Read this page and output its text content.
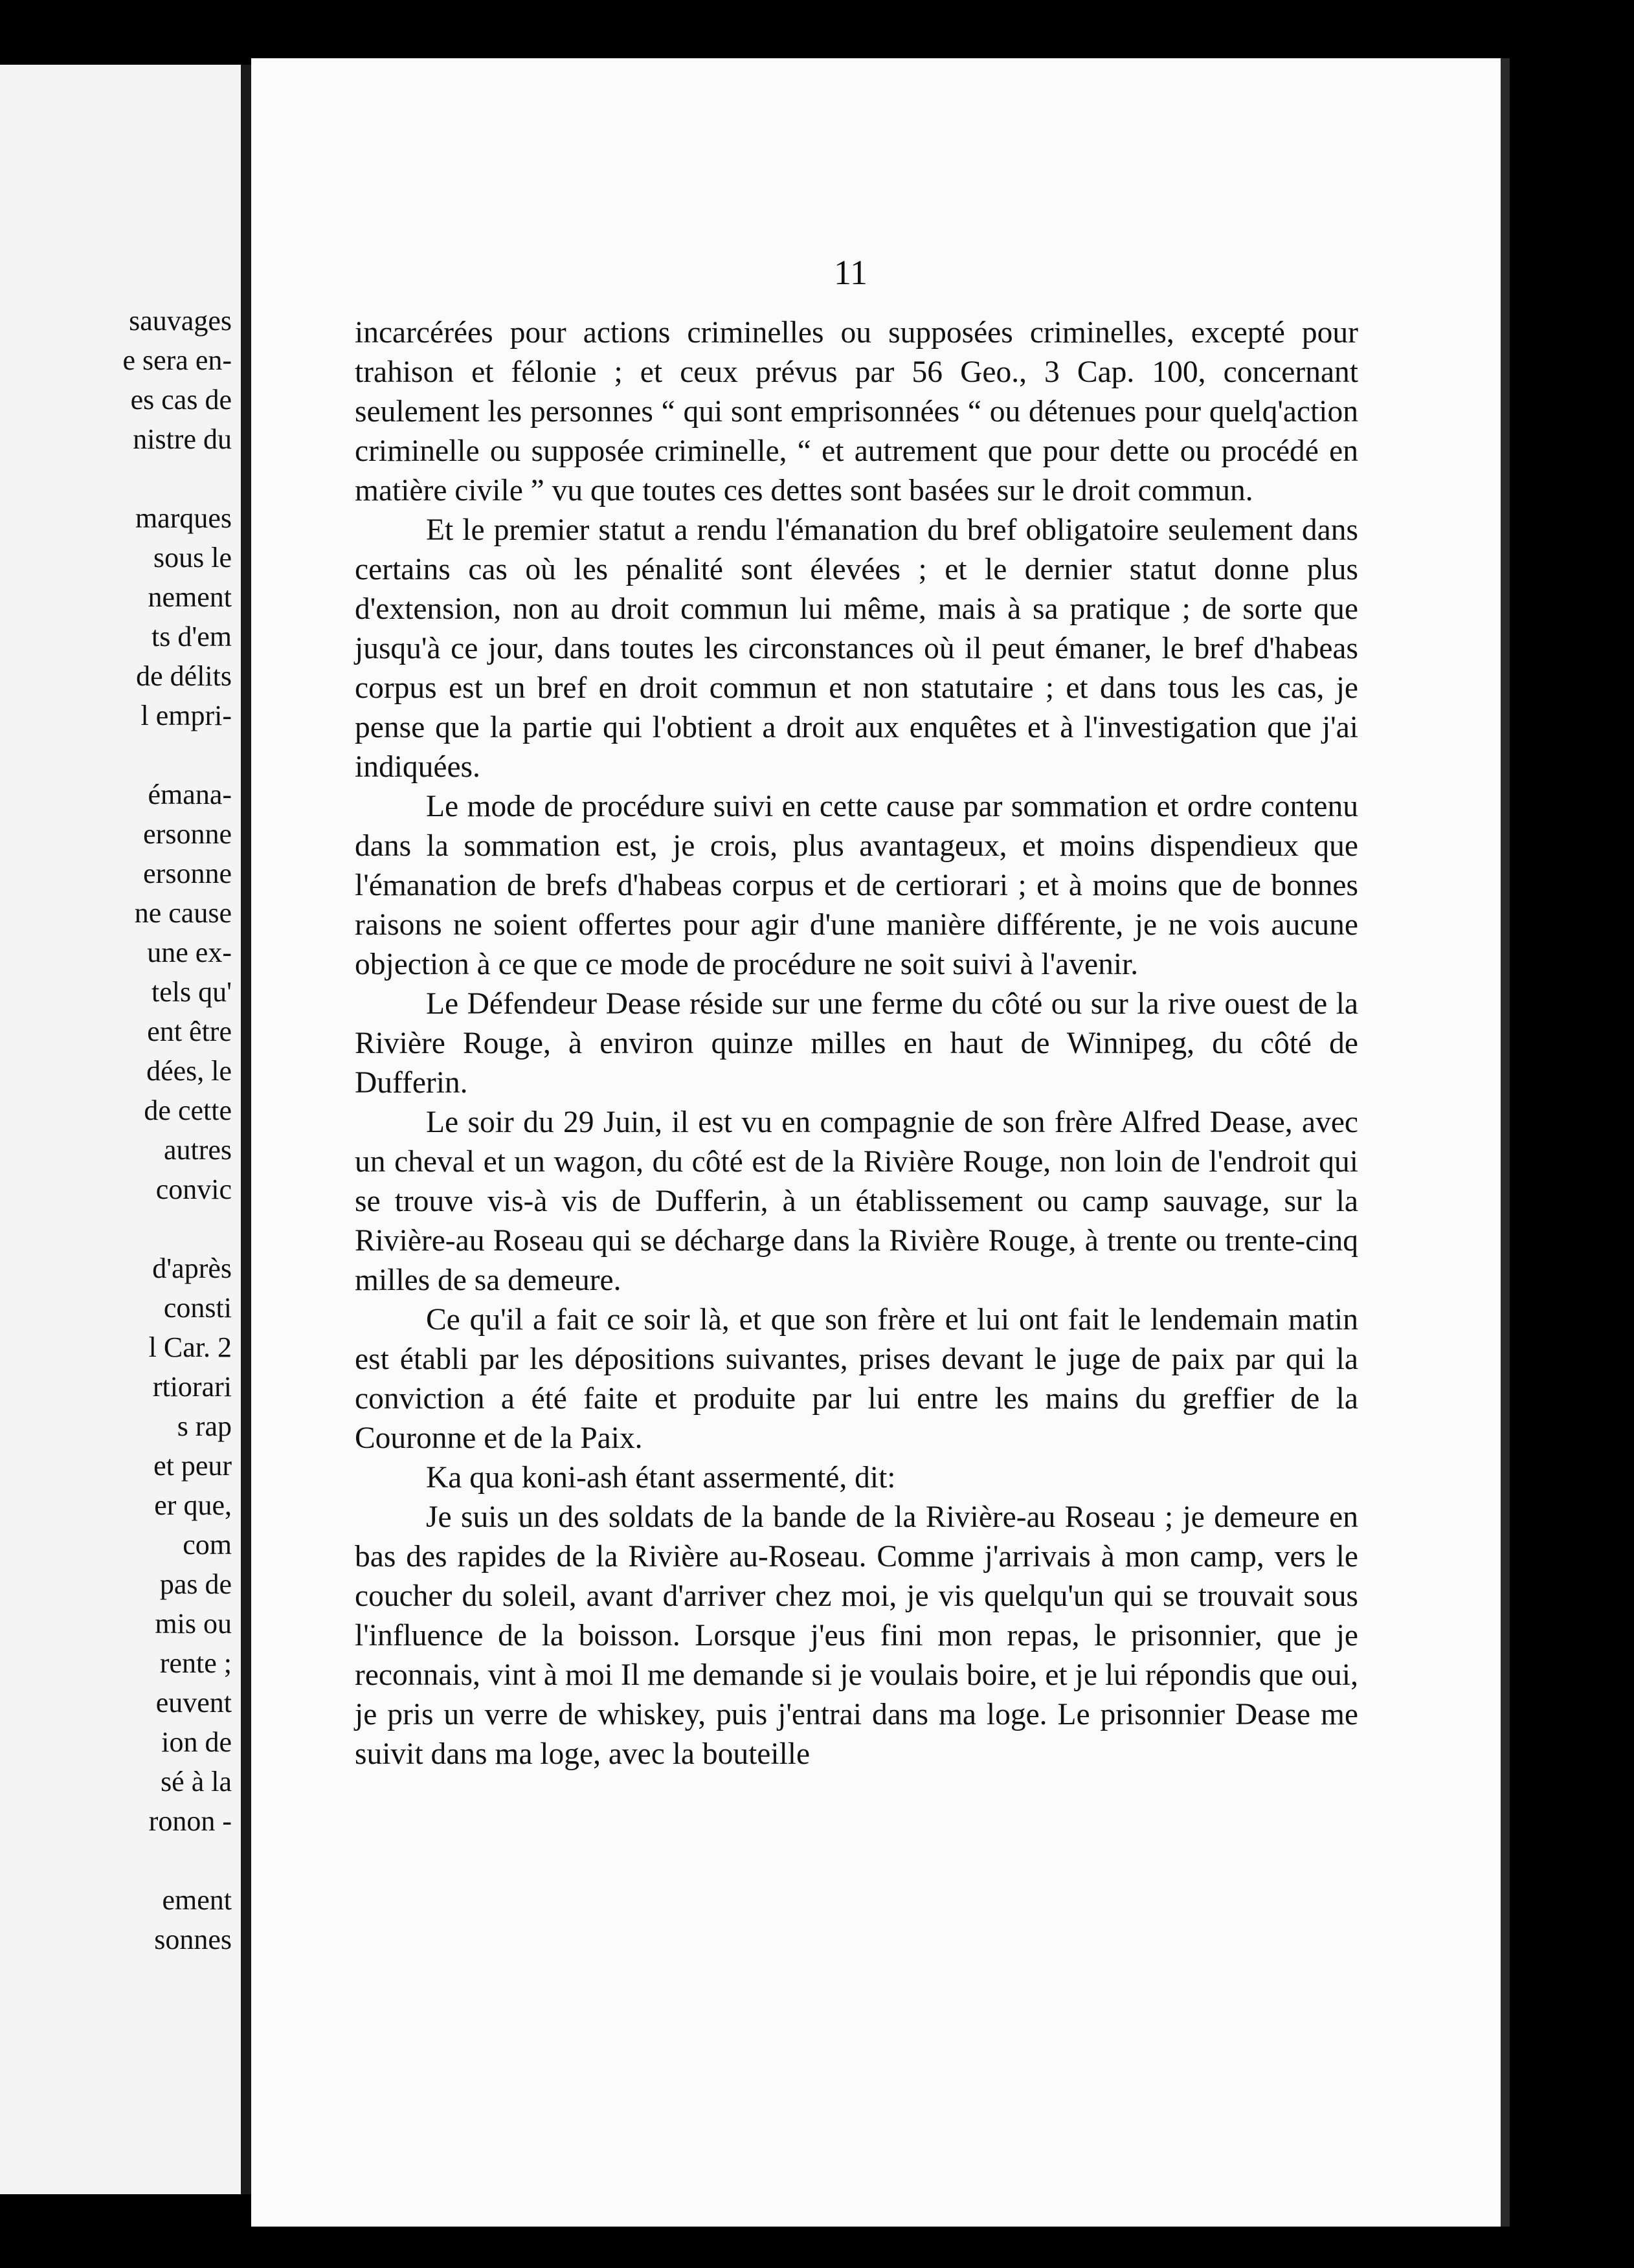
sauvages
e sera en-
es cas de
nistre du
marques
sous le
nement
ts d'em
de délits
l empri-
émana-
ersonne
ersonne
ne cause
une ex-
tels qu'
ent être
dées, le
de cette
autres
convic
d'après
consti
l Car. 2
rtiorari
s rap
et peur
er que,
com
pas de
mis ou
rente ;
euvent
ion de
sé à la
ronon -
ement
sonnes
11

incarcérées pour actions criminelles ou supposées criminelles, excepté pour trahison et félonie ; et ceux prévus par 56 Geo., 3 Cap. 100, concernant seulement les personnes “ qui sont emprisonnées “ ou détenues pour quelq'action criminelle ou supposée criminelle, “ et autrement que pour dette ou procédé en matière civile ” vu que toutes ces dettes sont basées sur le droit commun.

Et le premier statut a rendu l'émanation du bref obligatoire seulement dans certains cas où les pénalité sont élevées ; et le dernier statut donne plus d'extension, non au droit commun lui même, mais à sa pratique ; de sorte que jusqu'à ce jour, dans toutes les circonstances où il peut émaner, le bref d'habeas corpus est un bref en droit commun et non statutaire ; et dans tous les cas, je pense que la partie qui l'obtient a droit aux enquêtes et à l'investigation que j'ai indiquées.

Le mode de procédure suivi en cette cause par sommation et ordre contenu dans la sommation est, je crois, plus avantageux, et moins dispendieux que l'émanation de brefs d'habeas corpus et de certiorari ; et à moins que de bonnes raisons ne soient offertes pour agir d'une manière différente, je ne vois aucune objection à ce que ce mode de procédure ne soit suivi à l'avenir.

Le Défendeur Dease réside sur une ferme du côté ou sur la rive ouest de la Rivière Rouge, à environ quinze milles en haut de Winnipeg, du côté de Dufferin.

Le soir du 29 Juin, il est vu en compagnie de son frère Alfred Dease, avec un cheval et un wagon, du côté est de la Rivière Rouge, non loin de l'endroit qui se trouve vis-à vis de Dufferin, à un établissement ou camp sauvage, sur la Rivière-au Roseau qui se décharge dans la Rivière Rouge, à trente ou trente-cinq milles de sa demeure.

Ce qu'il a fait ce soir là, et que son frère et lui ont fait le lendemain matin est établi par les dépositions suivantes, prises devant le juge de paix par qui la conviction a été faite et produite par lui entre les mains du greffier de la Couronne et de la Paix.

Ka qua koni-ash étant assermenté, dit:

Je suis un des soldats de la bande de la Rivière-au Roseau ; je demeure en bas des rapides de la Rivière au-Roseau. Comme j'arrivais à mon camp, vers le coucher du soleil, avant d'arriver chez moi, je vis quelqu'un qui se trouvait sous l'influence de la boisson. Lorsque j'eus fini mon repas, le prisonnier, que je reconnais, vint à moi Il me demande si je voulais boire, et je lui répondis que oui, je pris un verre de whiskey, puis j'entrai dans ma loge. Le prisonnier Dease me suivit dans ma loge, avec la bouteille
